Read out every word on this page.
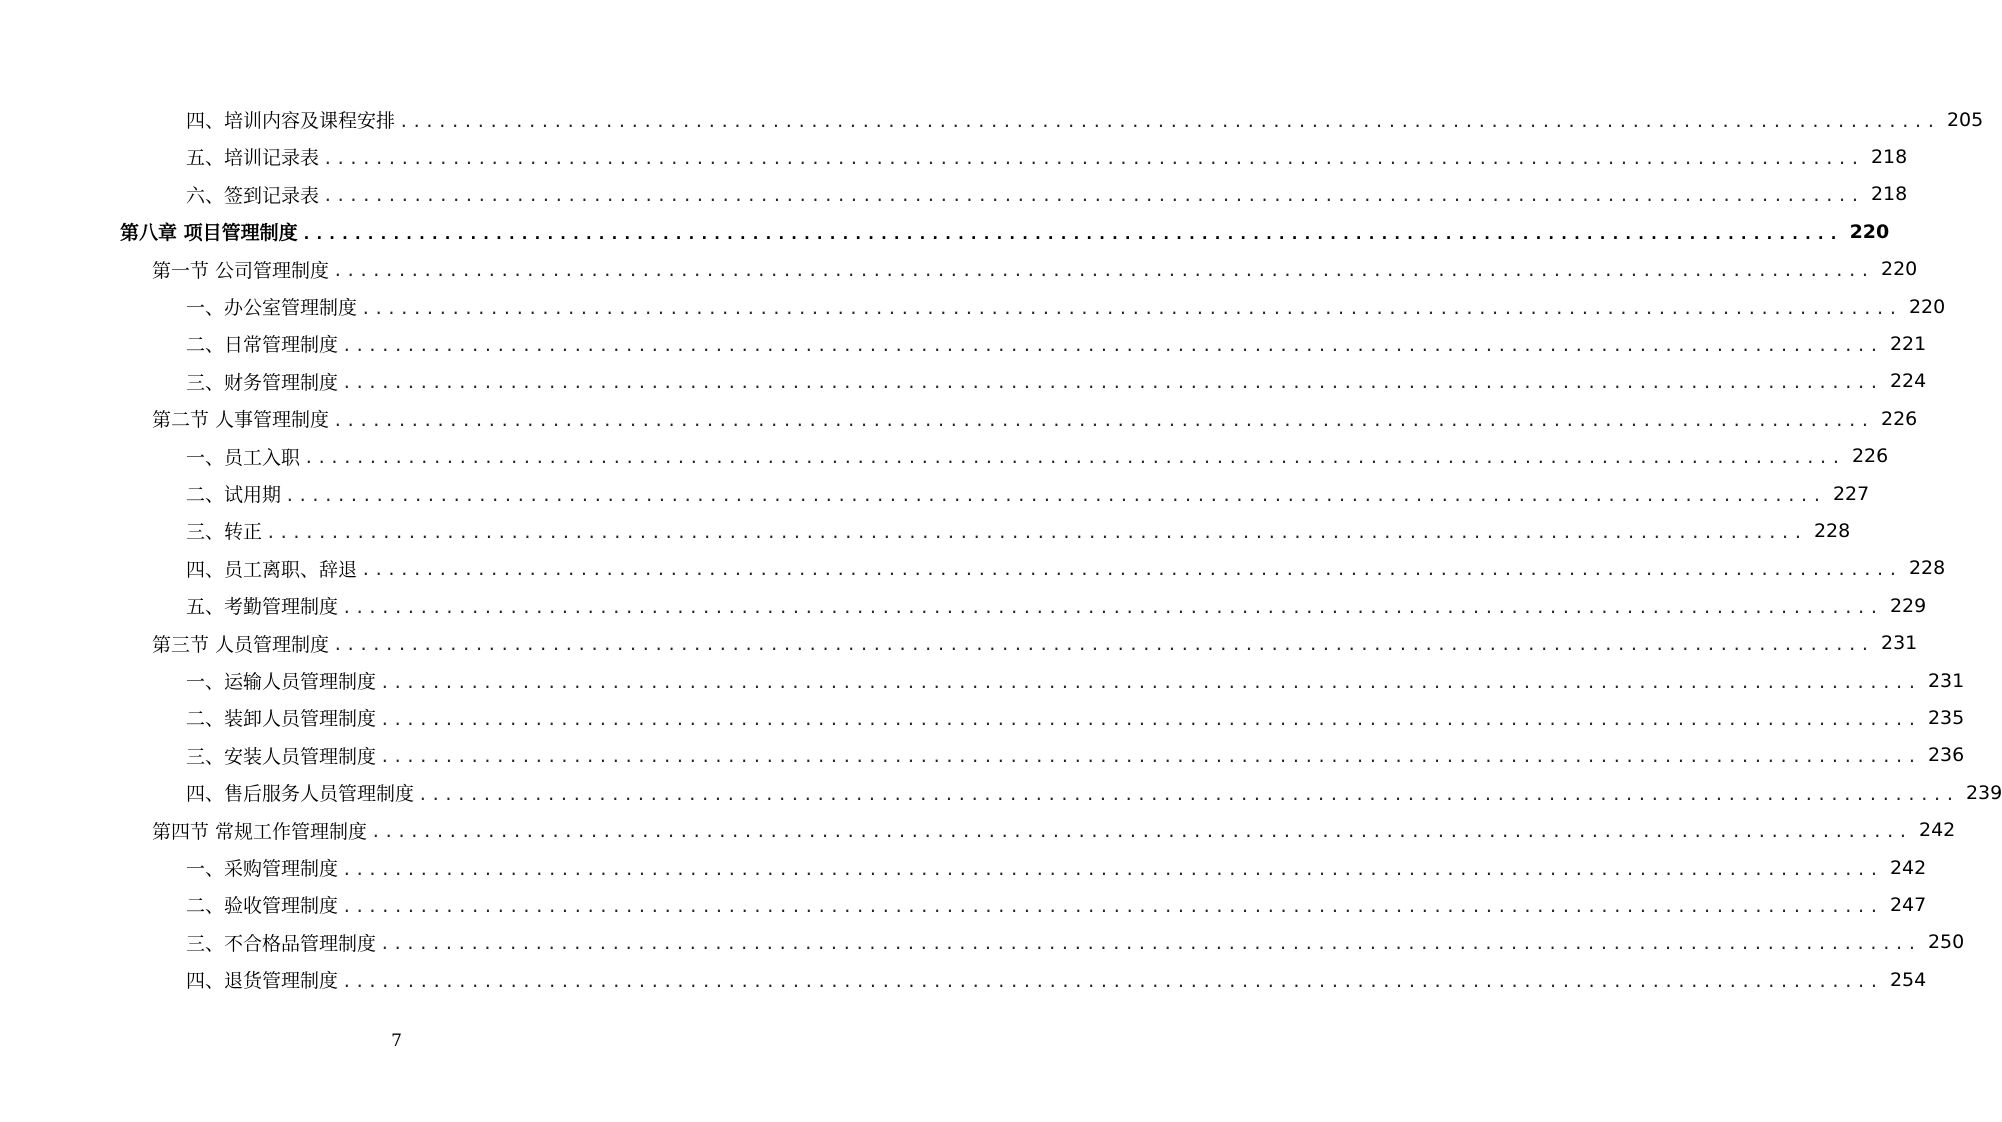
四、培训内容及课程安排 ........................................................................................................................ 205
五、培训记录表 ........................................................................................................................ 218
六、签到记录表 ........................................................................................................................ 218
第八章 项目管理制度 ........................................................................................................................ 220
第一节 公司管理制度 ........................................................................................................................ 220
一、办公室管理制度 ........................................................................................................................ 220
二、日常管理制度 ........................................................................................................................ 221
三、财务管理制度 ........................................................................................................................ 224
第二节 人事管理制度 ........................................................................................................................ 226
一、员工入职 ........................................................................................................................ 226
二、试用期 ........................................................................................................................ 227
三、转正 ........................................................................................................................ 228
四、员工离职、辞退 ........................................................................................................................ 228
五、考勤管理制度 ........................................................................................................................ 229
第三节 人员管理制度 ........................................................................................................................ 231
一、运输人员管理制度 ........................................................................................................................ 231
二、装卸人员管理制度 ........................................................................................................................ 235
三、安装人员管理制度 ........................................................................................................................ 236
四、售后服务人员管理制度 ........................................................................................................................ 239
第四节 常规工作管理制度 ........................................................................................................................ 242
一、采购管理制度 ........................................................................................................................ 242
二、验收管理制度 ........................................................................................................................ 247
三、不合格品管理制度 ........................................................................................................................ 250
四、退货管理制度 ........................................................................................................................ 254
7
